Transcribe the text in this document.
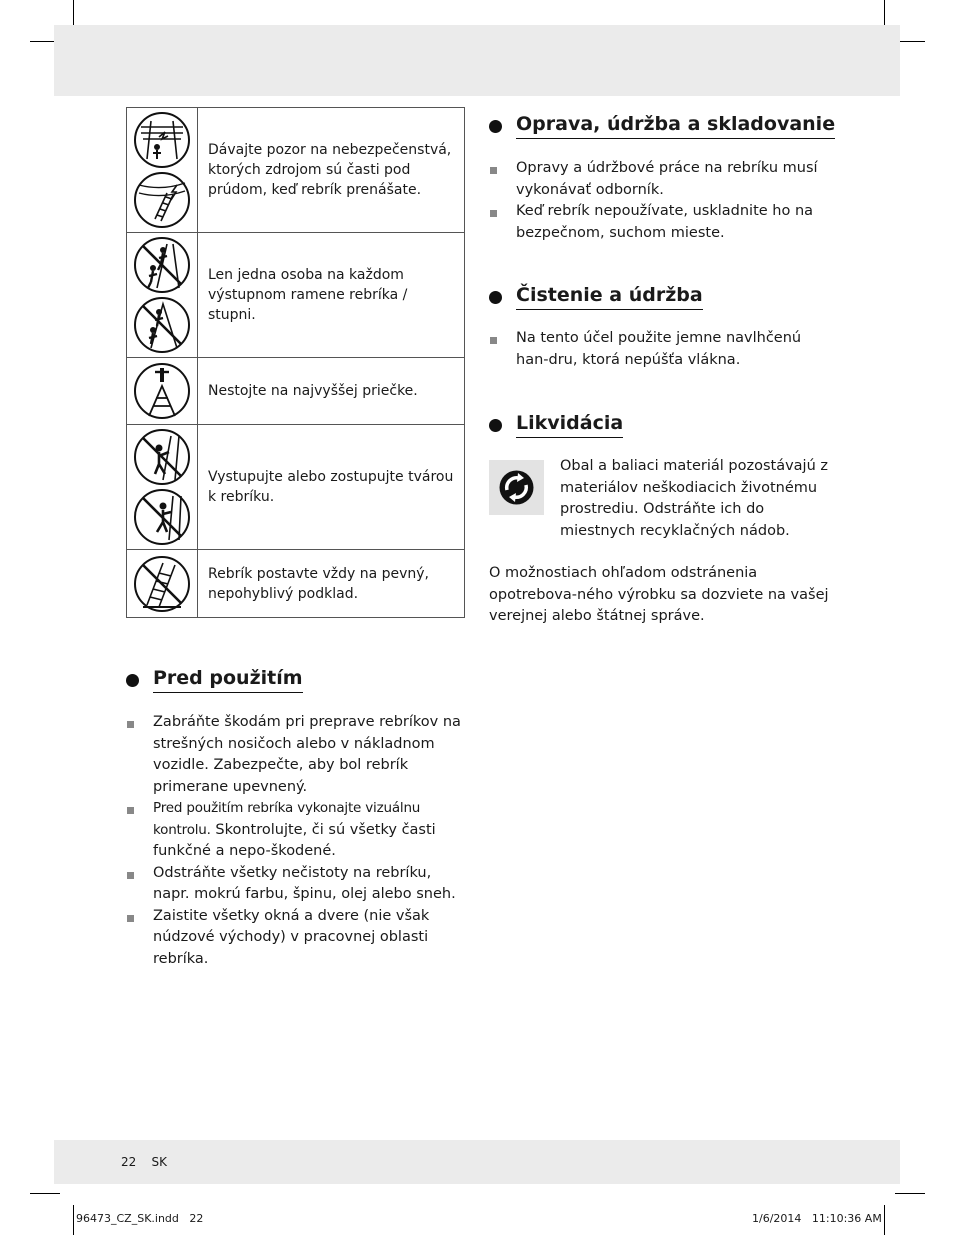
	Dávajte pozor na nebezpečenstvá, ktorých zdrojom sú časti pod prúdom, keď rebrík prenášate.

	Len jedna osoba na každom výstupnom ramene rebríka / stupni.

	Nestojte na najvyššej priečke.

	Vystupujte alebo zostupujte tvárou k rebríku.

	Rebrík postavte vždy na pevný, nepohyblivý podklad.
Pred použitím
Zabráňte škodám pri preprave rebríkov na strešných nosičoch alebo v nákladnom vozidle. Zabezpečte, aby bol rebrík primerane upevnený.
Pred použitím rebríka vykonajte vizuálnu kontrolu. Skontrolujte, či sú všetky časti funkčné a nepo-škodené.
Odstráňte všetky nečistoty na rebríku, napr. mokrú farbu, špinu, olej alebo sneh.
Zaistite všetky okná a dvere (nie však núdzové východy) v pracovnej oblasti rebríka.
Oprava, údržba a skladovanie
Opravy a údržbové práce na rebríku musí vykonávať odborník.
Keď rebrík nepoužívate, uskladnite ho na bezpečnom, suchom mieste.
Čistenie a údržba
Na tento účel použite jemne navlhčenú han-dru, ktorá nepúšťa vlákna.
Likvidácia

Obal a baliaci materiál pozostávajú z materiálov neškodiacich životnému prostrediu. Odstráňte ich do miestnych recyklačných nádob.

O možnostiach ohľadom odstránenia opotrebova-ného výrobku sa dozviete na vašej verejnej alebo štátnej správe.

22 SK
96473_CZ_SK.indd   22	1/6/2014   11:10:36 AM
